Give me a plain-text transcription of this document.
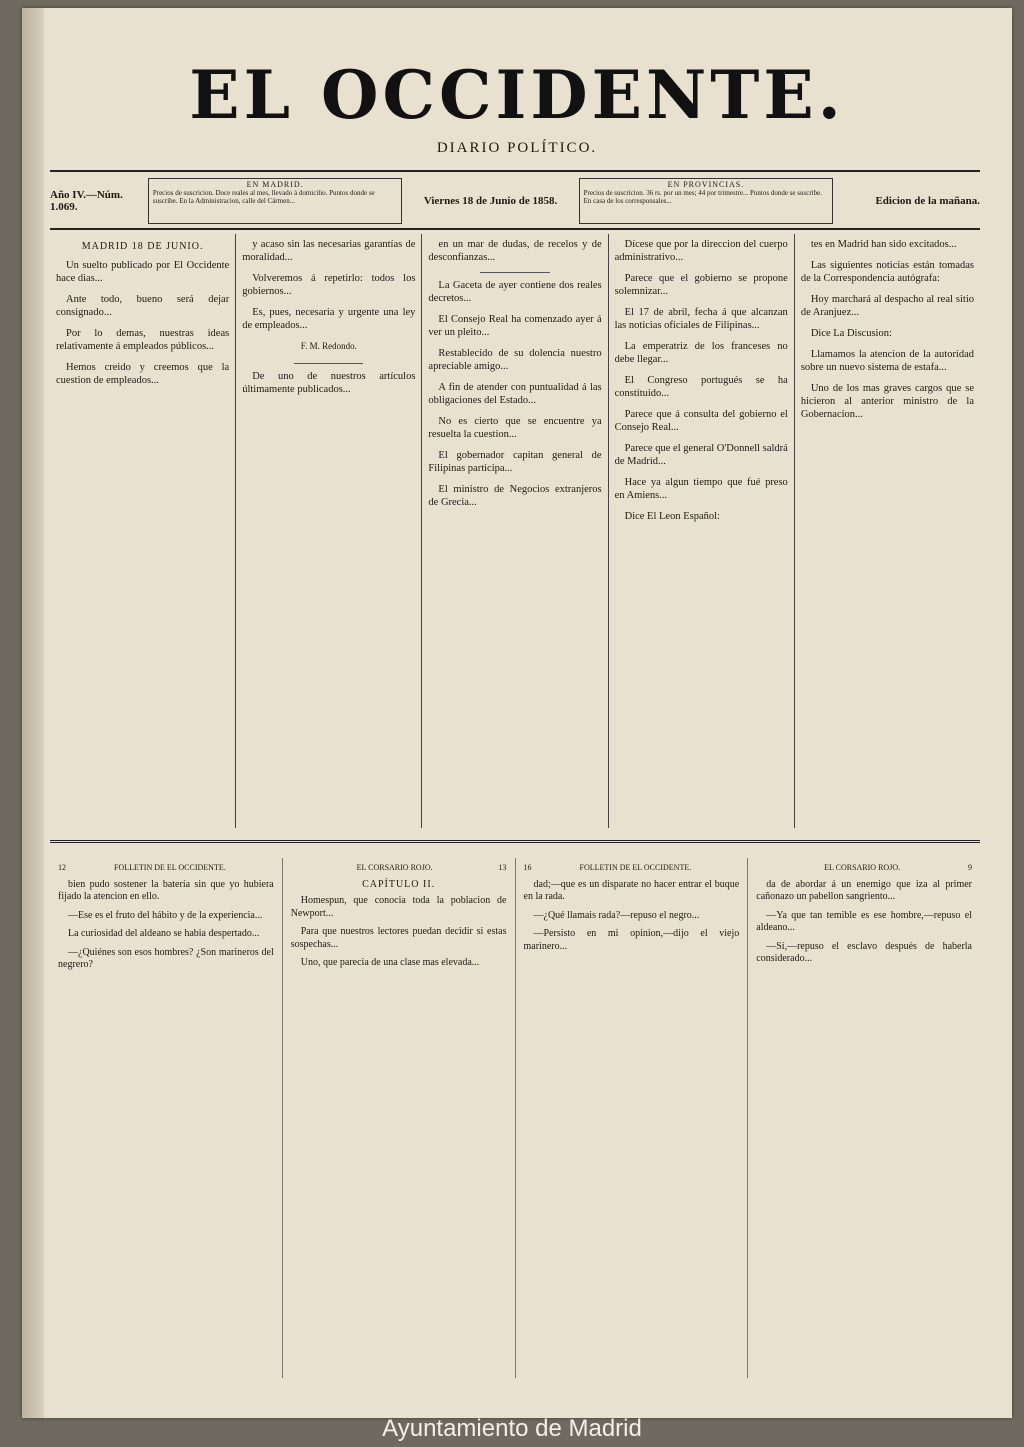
EL OCCIDENTE.
DIARIO POLÍTICO.
Año IV.—Núm. 1.069.
EN MADRID.
Precios de suscricion. Doce reales al mes, llevado á domicilio. Puntos donde se suscribe. En la Administracion, calle del Cármen...	Viernes 18 de Junio de 1858.
EN PROVINCIAS.
Precios de suscricion. 36 rs. por un mes; 44 por trimestre... Puntos donde se suscribe. En casa de los corresponsales...	Edicion de la mañana.
MADRID 18 DE JUNIO.

Un suelto publicado por El Occidente hace dias...

Ante todo, bueno será dejar consignado...

Por lo demas, nuestras ideas relativamente á empleados públicos...

Hemos creido y creemos que la cuestion de empleados...

y acaso sin las necesarias garantías de moralidad...

Volveremos á repetirlo: todos los gobiernos...

Es, pues, necesaria y urgente una ley de empleados...

F. M. Redondo.

De uno de nuestros artículos últimamente publicados...

en un mar de dudas, de recelos y de desconfianzas...

La Gaceta de ayer contiene dos reales decretos...

El Consejo Real ha comenzado ayer á ver un pleito...

Restablecido de su dolencia nuestro apreciable amigo...

A fin de atender con puntualidad á las obligaciones del Estado...

No es cierto que se encuentre ya resuelta la cuestion...

El gobernador capitan general de Filipinas participa...

El ministro de Negocios extranjeros de Grecia...

Dícese que por la direccion del cuerpo administrativo...

Parece que el gobierno se propone solemnizar...

El 17 de abril, fecha á que alcanzan las noticias oficiales de Filipinas...

La emperatriz de los franceses no debe llegar...

El Congreso portugués se ha constituido...

Parece que á consulta del gobierno el Consejo Real...

Parece que el general O'Donnell saldrá de Madrid...

Hace ya algun tiempo que fué preso en Amiens...

Dice El Leon Español:

tes en Madrid han sido excitados...

Las siguientes noticias están tomadas de la Correspondencia autógrafa:

Hoy marchará al despacho al real sitio de Aranjuez...

Dice La Discusion:

Llamamos la atencion de la autoridad sobre un nuevo sistema de estafa...

Uno de los mas graves cargos que se hicieron al anterior ministro de la Gobernacion...

12	FOLLETIN DE EL OCCIDENTE.

bien pudo sostener la batería sin que yo hubiera fijado la atencion en ello.

—Ese es el fruto del hábito y de la experiencia...

La curiosidad del aldeano se habia despertado...

—¿Quiénes son esos hombres? ¿Son marineros del negrero?

EL CORSARIO ROJO.	13
CAPÍTULO II.

Homespun, que conocia toda la poblacion de Newport...

Para que nuestros lectores puedan decidir si estas sospechas...

Uno, que parecia de una clase mas elevada...

16	FOLLETIN DE EL OCCIDENTE.

dad;—que es un disparate no hacer entrar el buque en la rada.

—¿Qué llamais rada?—repuso el negro...

—Persisto en mi opinion,—dijo el viejo marinero...

EL CORSARIO ROJO.	9

da de abordar á un enemigo que iza al primer cañonazo un pabellon sangriento...

—Ya que tan temible es ese hombre,—repuso el aldeano...

—Sí,—repuso el esclavo después de haberla considerado...

Ayuntamiento de Madrid
